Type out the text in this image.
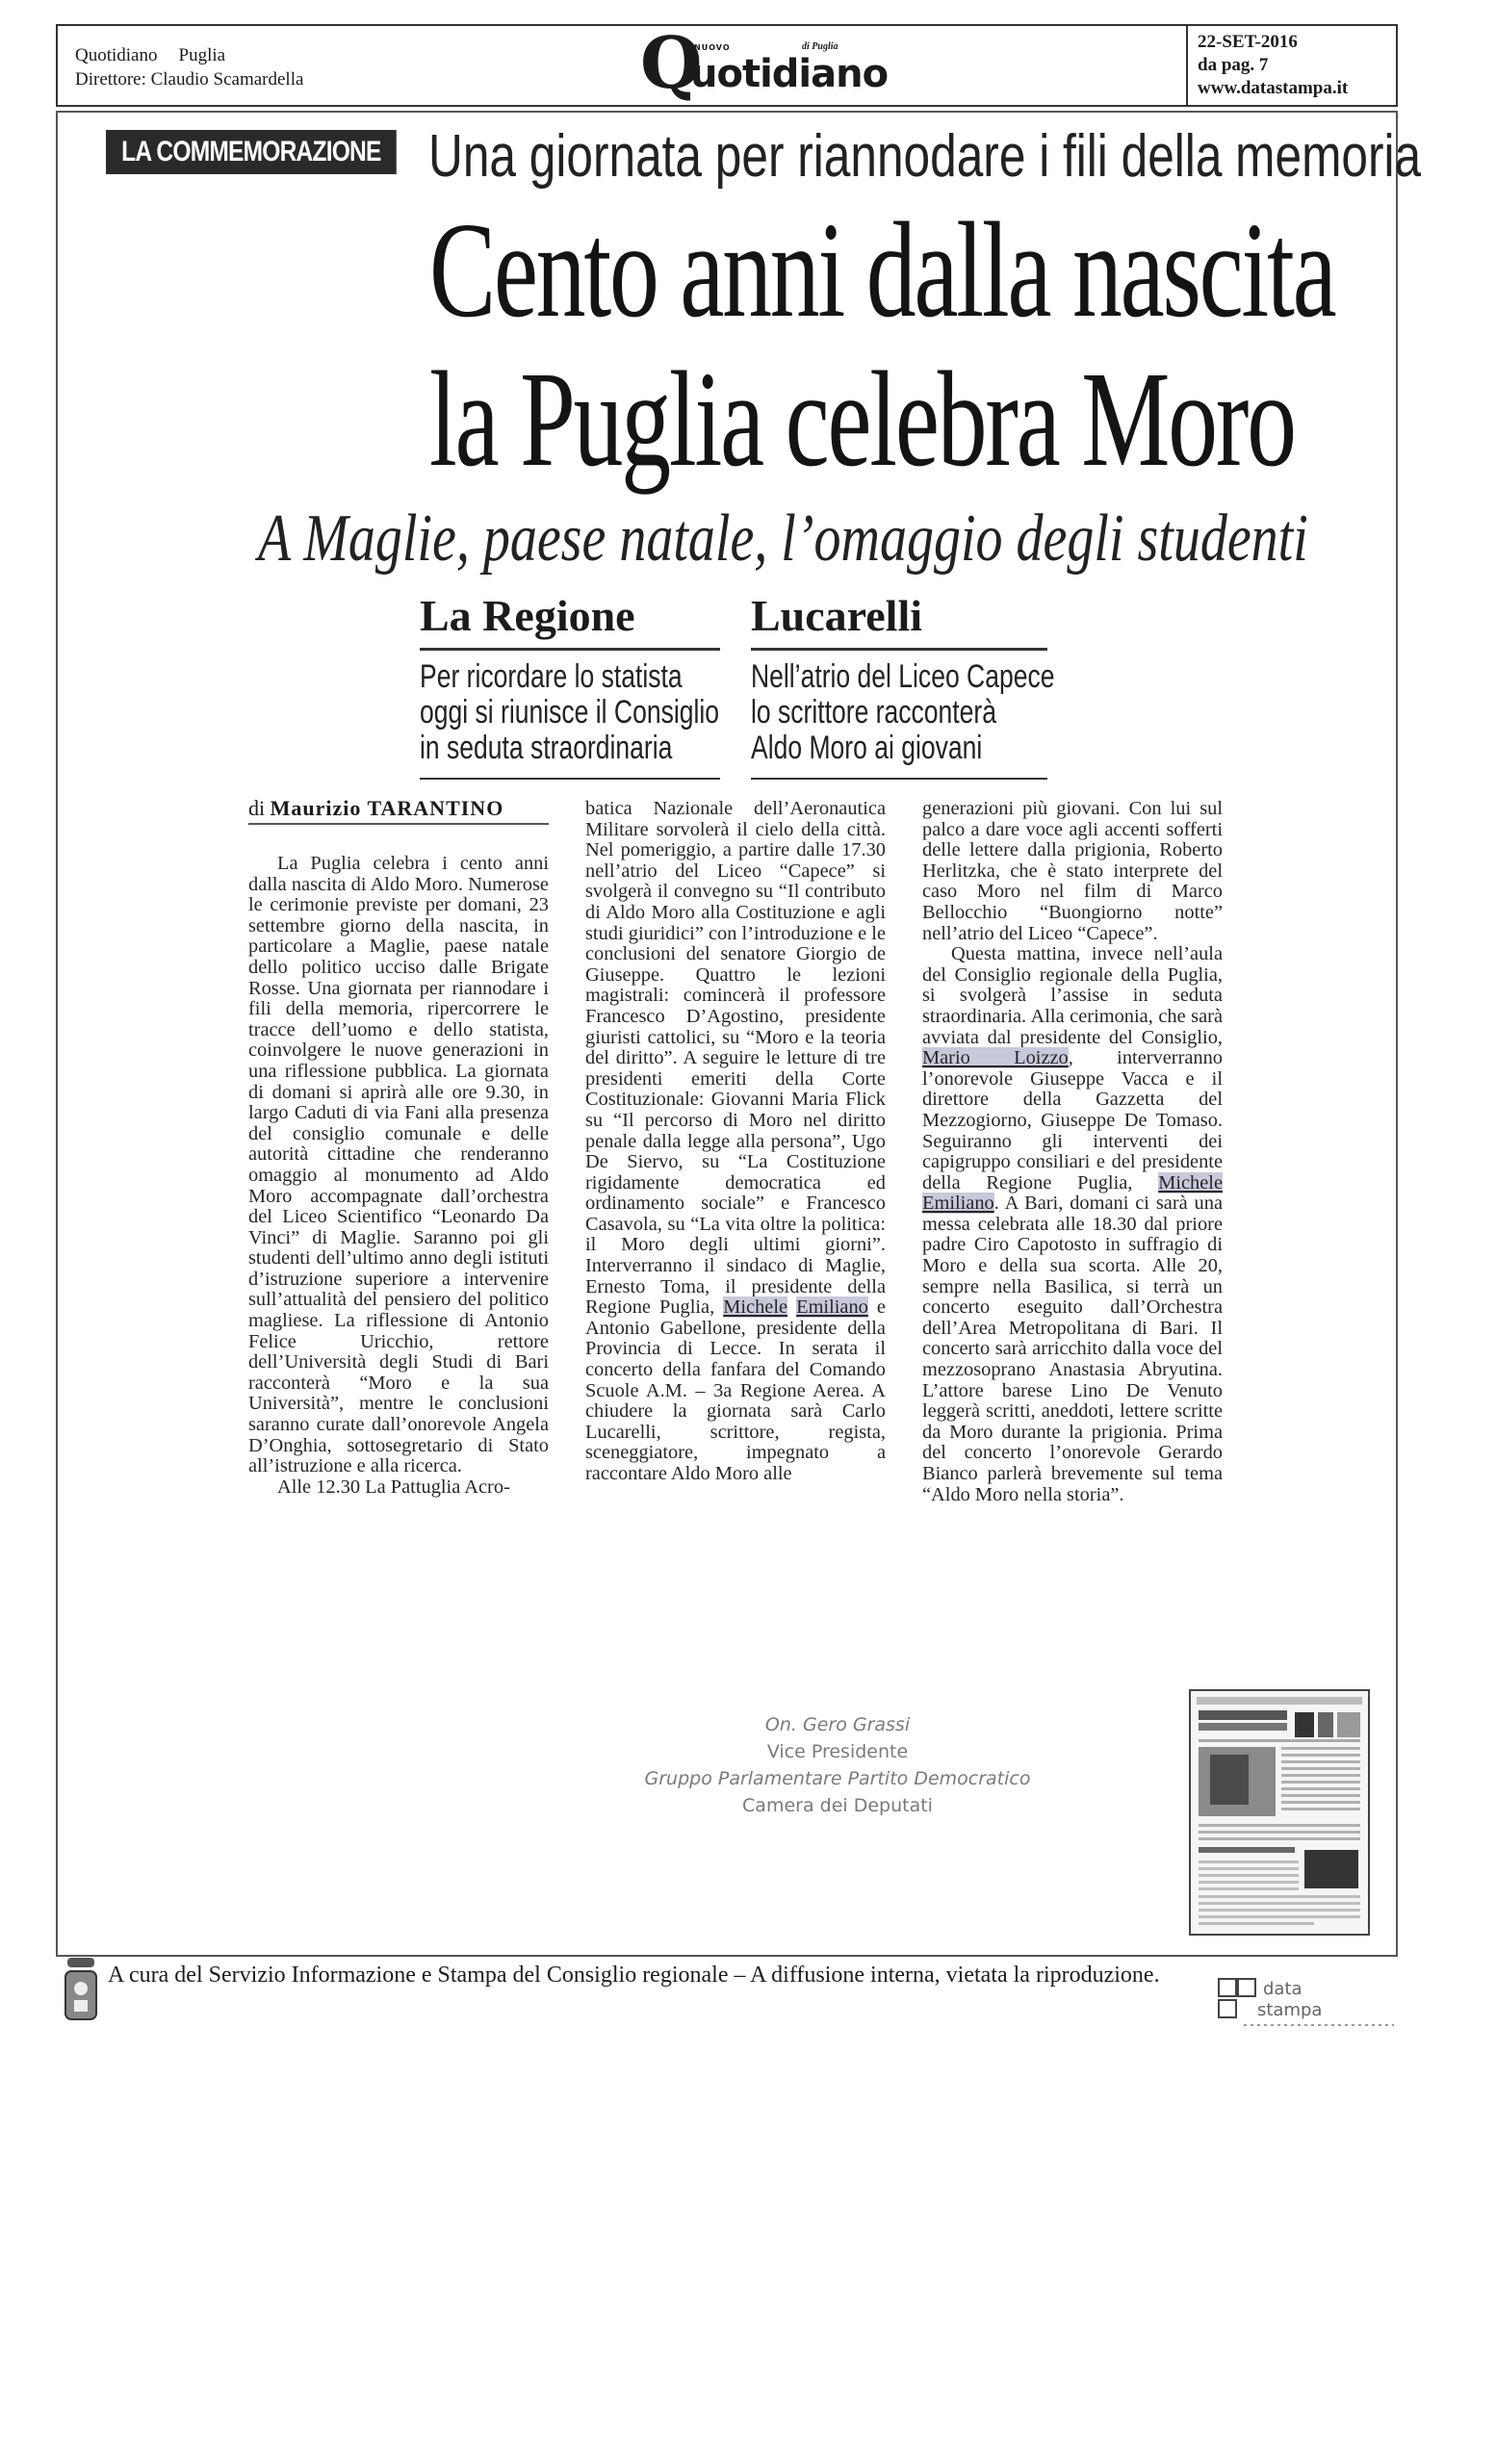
Quotidiano Puglia
Direttore: Claudio Scamardella	Q
NUOVO	di Puglia
uotidiano
22-SET-2016
da pag. 7
www.datastampa.it
LA COMMEMORAZIONE Una giornata per riannodare i fili della memoria
Cento anni dalla nascita
la Puglia celebra Moro
A Maglie, paese natale, l’omaggio degli studenti
La Regione	Lucarelli
Per ricordare lo statista
oggi si riunisce il Consiglio
in seduta straordinaria
Nell’atrio del Liceo Capece
lo scrittore racconterà
Aldo Moro ai giovani
di Maurizio TARANTINO

La Puglia celebra i cento anni dalla nascita di Aldo Moro. Numerose le cerimonie previste per domani, 23 settembre giorno della nascita, in particolare a Maglie, paese natale dello politico ucciso dalle Brigate Rosse. Una giornata per riannodare i fili della memoria, ripercorrere le tracce dell’uomo e dello statista, coinvolgere le nuove generazioni in una riflessione pubblica. La giornata di domani si aprirà alle ore 9.30, in largo Caduti di via Fani alla presenza del consiglio comunale e delle autorità cittadine che renderanno omaggio al monumento ad Aldo Moro accompagnate dall’orchestra del Liceo Scientifico “Leonardo Da Vinci” di Maglie. Saranno poi gli studenti dell’ultimo anno degli istituti d’istruzione superiore a intervenire sull’attualità del pensiero del politico magliese. La riflessione di Antonio Felice Uricchio, rettore dell’Università degli Studi di Bari racconterà “Moro e la sua Università”, mentre le conclusioni saranno curate dall’onorevole Angela D’Onghia, sottosegretario di Stato all’istruzione e alla ricerca.

Alle 12.30 La Pattuglia Acro-

batica Nazionale dell’Aeronautica Militare sorvolerà il cielo della città. Nel pomeriggio, a partire dalle 17.30 nell’atrio del Liceo “Capece” si svolgerà il convegno su “Il contributo di Aldo Moro alla Costituzione e agli studi giuridici” con l’introduzione e le conclusioni del senatore Giorgio de Giuseppe. Quattro le lezioni magistrali: comincerà il professore Francesco D’Agostino, presidente giuristi cattolici, su “Moro e la teoria del diritto”. A seguire le letture di tre presidenti emeriti della Corte Costituzionale: Giovanni Maria Flick su “Il percorso di Moro nel diritto penale dalla legge alla persona”, Ugo De Siervo, su “La Costituzione rigidamente democratica ed ordinamento sociale” e Francesco Casavola, su “La vita oltre la politica: il Moro degli ultimi giorni”. Interverranno il sindaco di Maglie, Ernesto Toma, il presidente della Regione Puglia, Michele Emiliano e Antonio Gabellone, presidente della Provincia di Lecce. In serata il concerto della fanfara del Comando Scuole A.M. – 3a Regione Aerea. A chiudere la giornata sarà Carlo Lucarelli, scrittore, regista, sceneggiatore, impegnato a raccontare Aldo Moro alle

generazioni più giovani. Con lui sul palco a dare voce agli accenti sofferti delle lettere dalla prigionia, Roberto Herlitzka, che è stato interprete del caso Moro nel film di Marco Bellocchio “Buongiorno notte” nell’atrio del Liceo “Capece”.

Questa mattina, invece nell’aula del Consiglio regionale della Puglia, si svolgerà l’assise in seduta straordinaria. Alla cerimonia, che sarà avviata dal presidente del Consiglio, Mario Loizzo, interverranno l’onorevole Giuseppe Vacca e il direttore della Gazzetta del Mezzogiorno, Giuseppe De Tomaso. Seguiranno gli interventi dei capigruppo consiliari e del presidente della Regione Puglia, Michele Emiliano. A Bari, domani ci sarà una messa celebrata alle 18.30 dal priore padre Ciro Capotosto in suffragio di Moro e della sua scorta. Alle 20, sempre nella Basilica, si terrà un concerto eseguito dall’Orchestra dell’Area Metropolitana di Bari. Il concerto sarà arricchito dalla voce del mezzosoprano Anastasia Abryutina. L’attore barese Lino De Venuto leggerà scritti, aneddoti, lettere scritte da Moro durante la prigionia. Prima del concerto l’onorevole Gerardo Bianco parlerà brevemente sul tema “Aldo Moro nella storia”.

On. Gero Grassi
Vice Presidente
Gruppo Parlamentare Partito Democratico
Camera dei Deputati
A cura del Servizio Informazione e Stampa del Consiglio regionale – A diffusione interna, vietata la riproduzione.
data
stampa
